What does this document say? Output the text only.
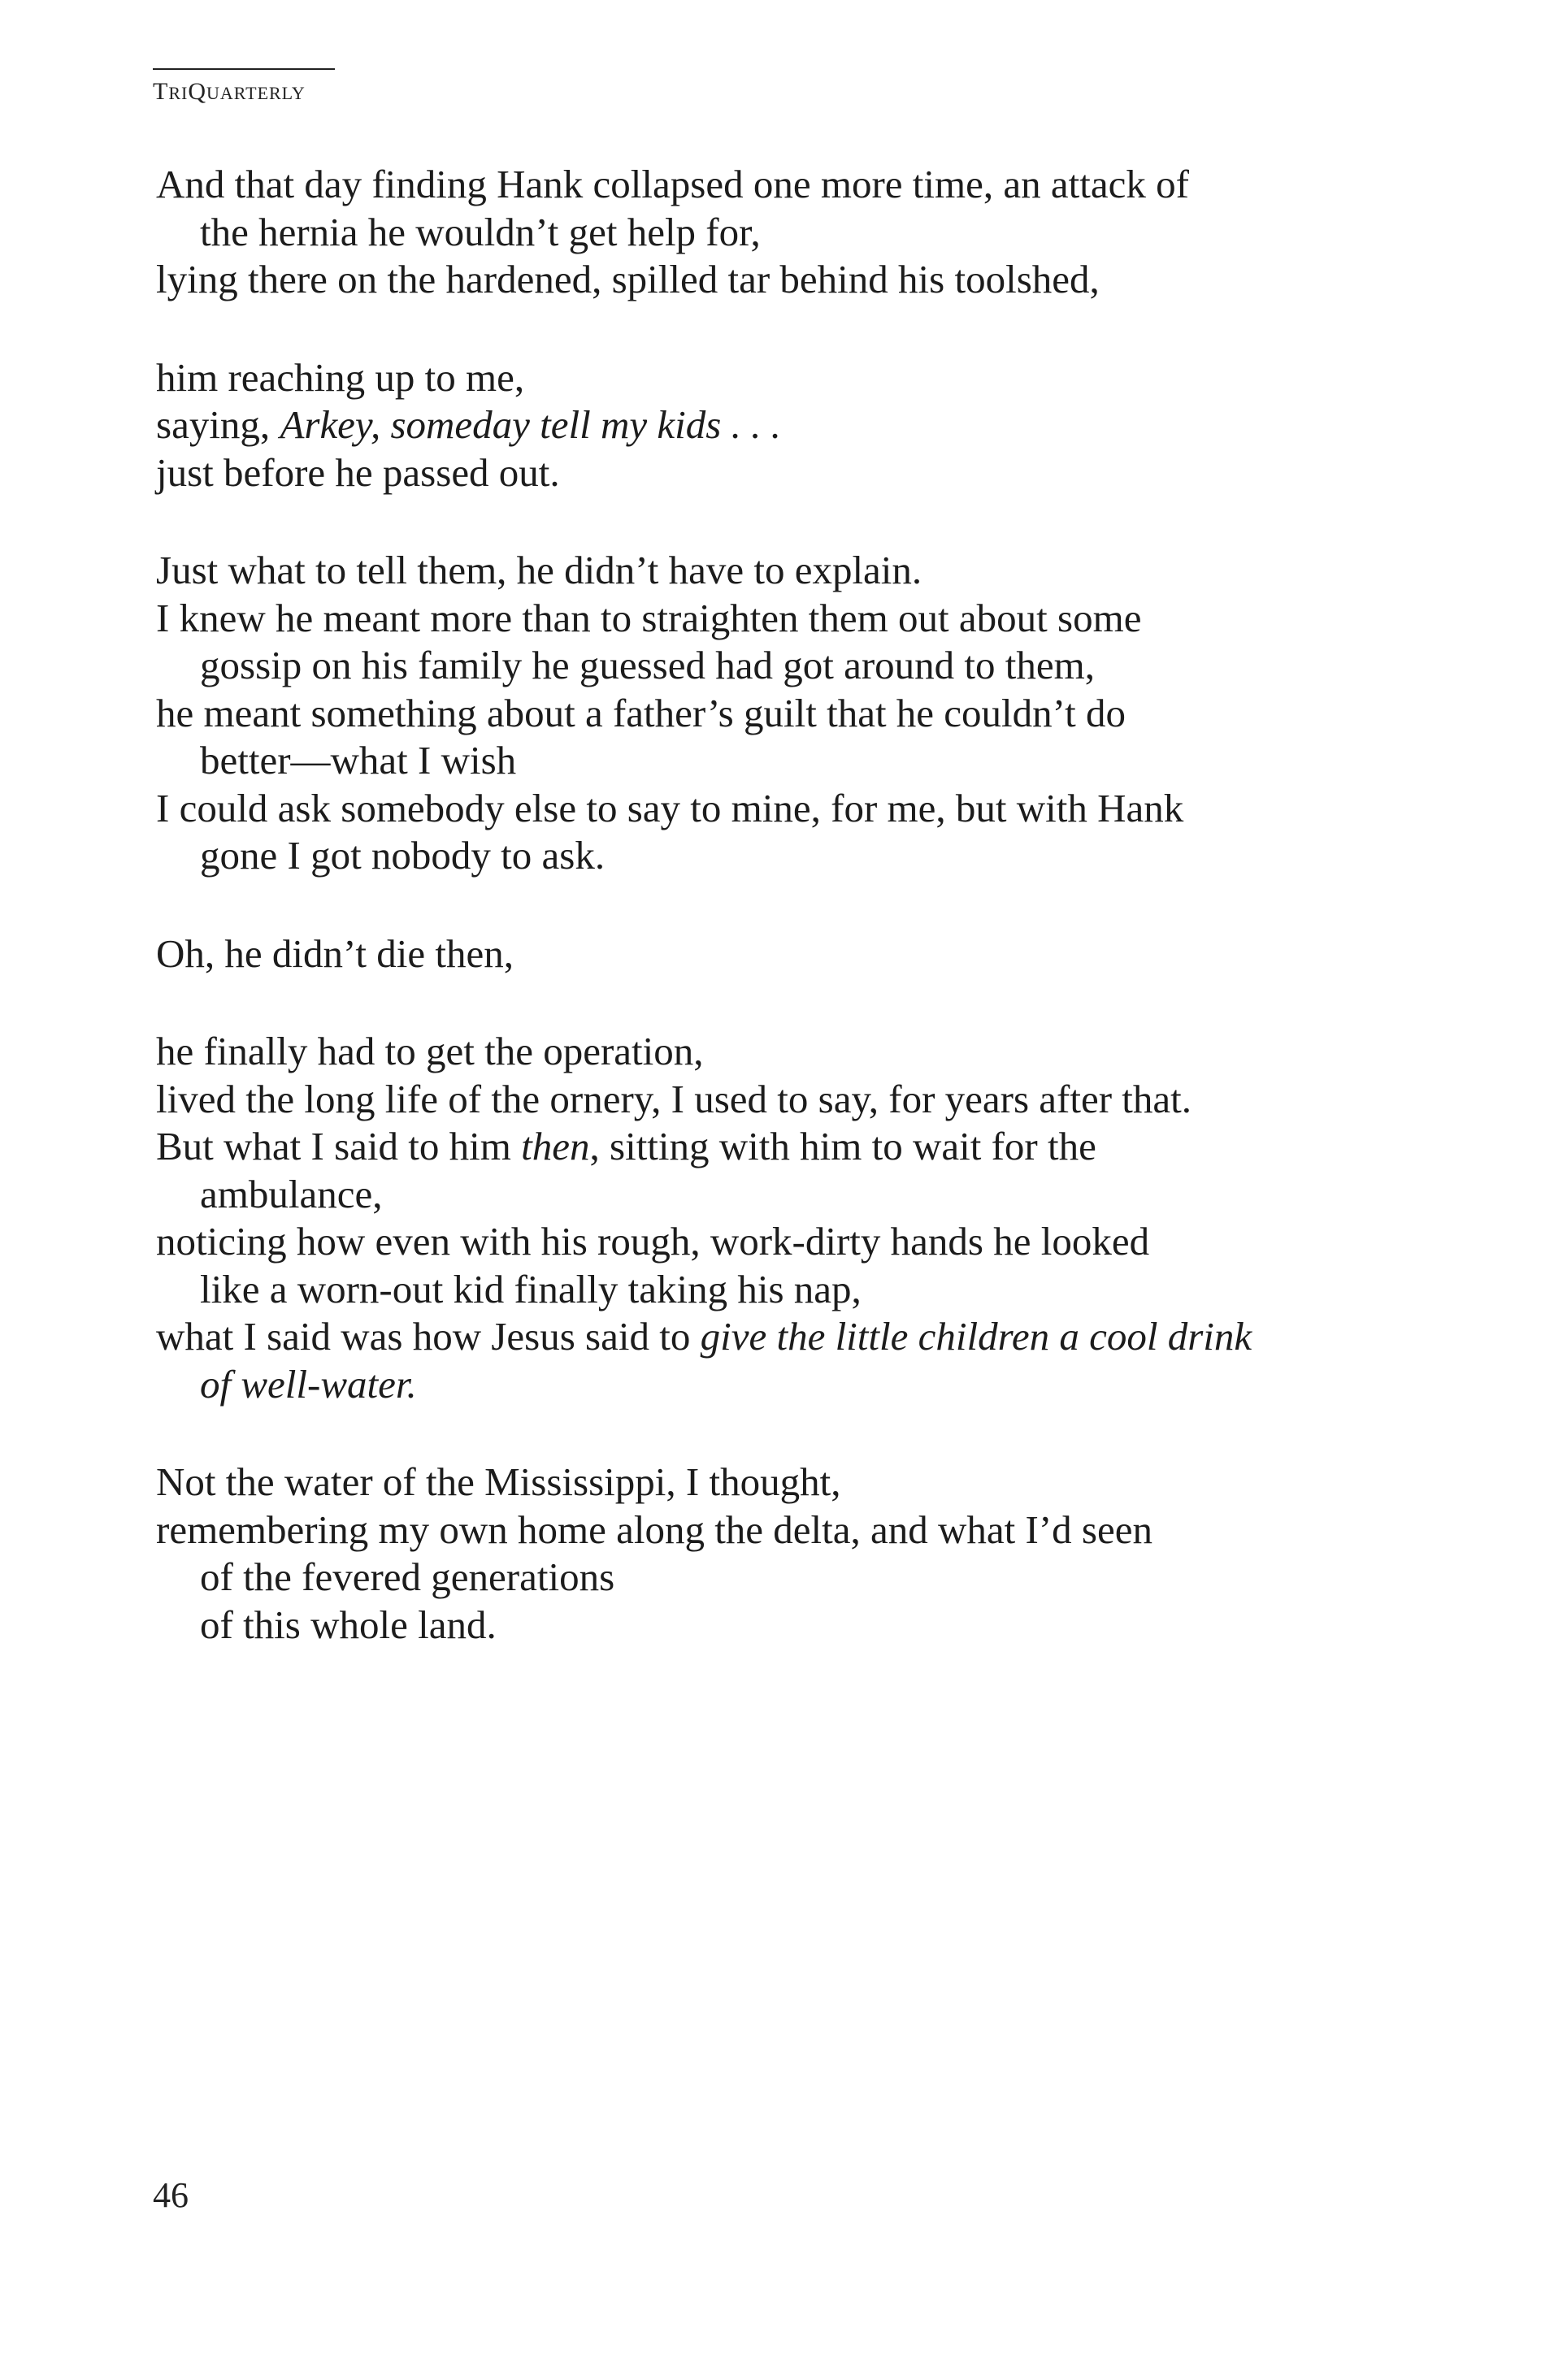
TRIQUARTERLY
And that day finding Hank collapsed one more time, an attack of
the hernia he wouldn’t get help for,
lying there on the hardened, spilled tar behind his toolshed,
him reaching up to me,
saying, Arkey, someday tell my kids . . .
just before he passed out.
Just what to tell them, he didn’t have to explain.
I knew he meant more than to straighten them out about some
gossip on his family he guessed had got around to them,
he meant something about a father’s guilt that he couldn’t do
better—what I wish
I could ask somebody else to say to mine, for me, but with Hank
gone I got nobody to ask.
Oh, he didn’t die then,
he finally had to get the operation,
lived the long life of the ornery, I used to say, for years after that.
But what I said to him then, sitting with him to wait for the
ambulance,
noticing how even with his rough, work-dirty hands he looked
like a worn-out kid finally taking his nap,
what I said was how Jesus said to give the little children a cool drink
of well-water.
Not the water of the Mississippi, I thought,
remembering my own home along the delta, and what I’d seen
of the fevered generations
of this whole land.
46
